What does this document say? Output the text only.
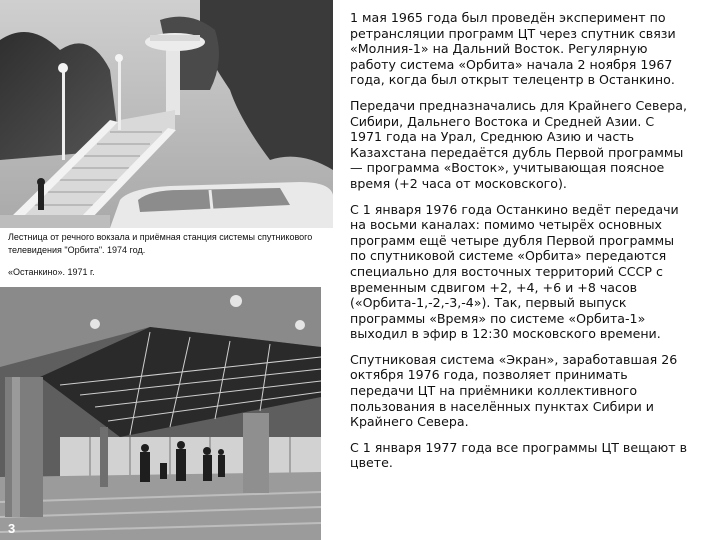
Лестница от речного вокзала и приёмная станция системы спутникового телевидения "Орбита". 1974 год.
«Останкино». 1971 г.
3

1 мая 1965 года был проведён эксперимент по ретрансляции программ ЦТ через спутник связи «Молния-1» на Дальний Восток. Регулярную работу система «Орбита» начала 2 ноября 1967 года, когда был открыт телецентр в Останкино.

Передачи предназначались для Крайнего Севера, Сибири, Дальнего Востока и Средней Азии. С 1971 года на Урал, Среднюю Азию и часть Казахстана передаётся дубль Первой программы — программа «Восток», учитывающая поясное время (+2 часа от московского).

С 1 января 1976 года Останкино ведёт передачи на восьми каналах: помимо четырёх основных программ ещё четыре дубля Первой программы по спутниковой системе «Орбита» передаются специально для восточных территорий СССР с временным сдвигом +2, +4, +6 и +8 часов («Орбита-1,-2,-3,-4»). Так, первый выпуск программы «Время» по системе «Орбита-1» выходил в эфир в 12:30 московского времени.

Спутниковая система «Экран», заработавшая 26 октября 1976 года, позволяет принимать передачи ЦТ на приёмники коллективного пользования в населённых пунктах Сибири и Крайнего Севера.

С 1 января 1977 года все программы ЦТ вещают в цвете.
